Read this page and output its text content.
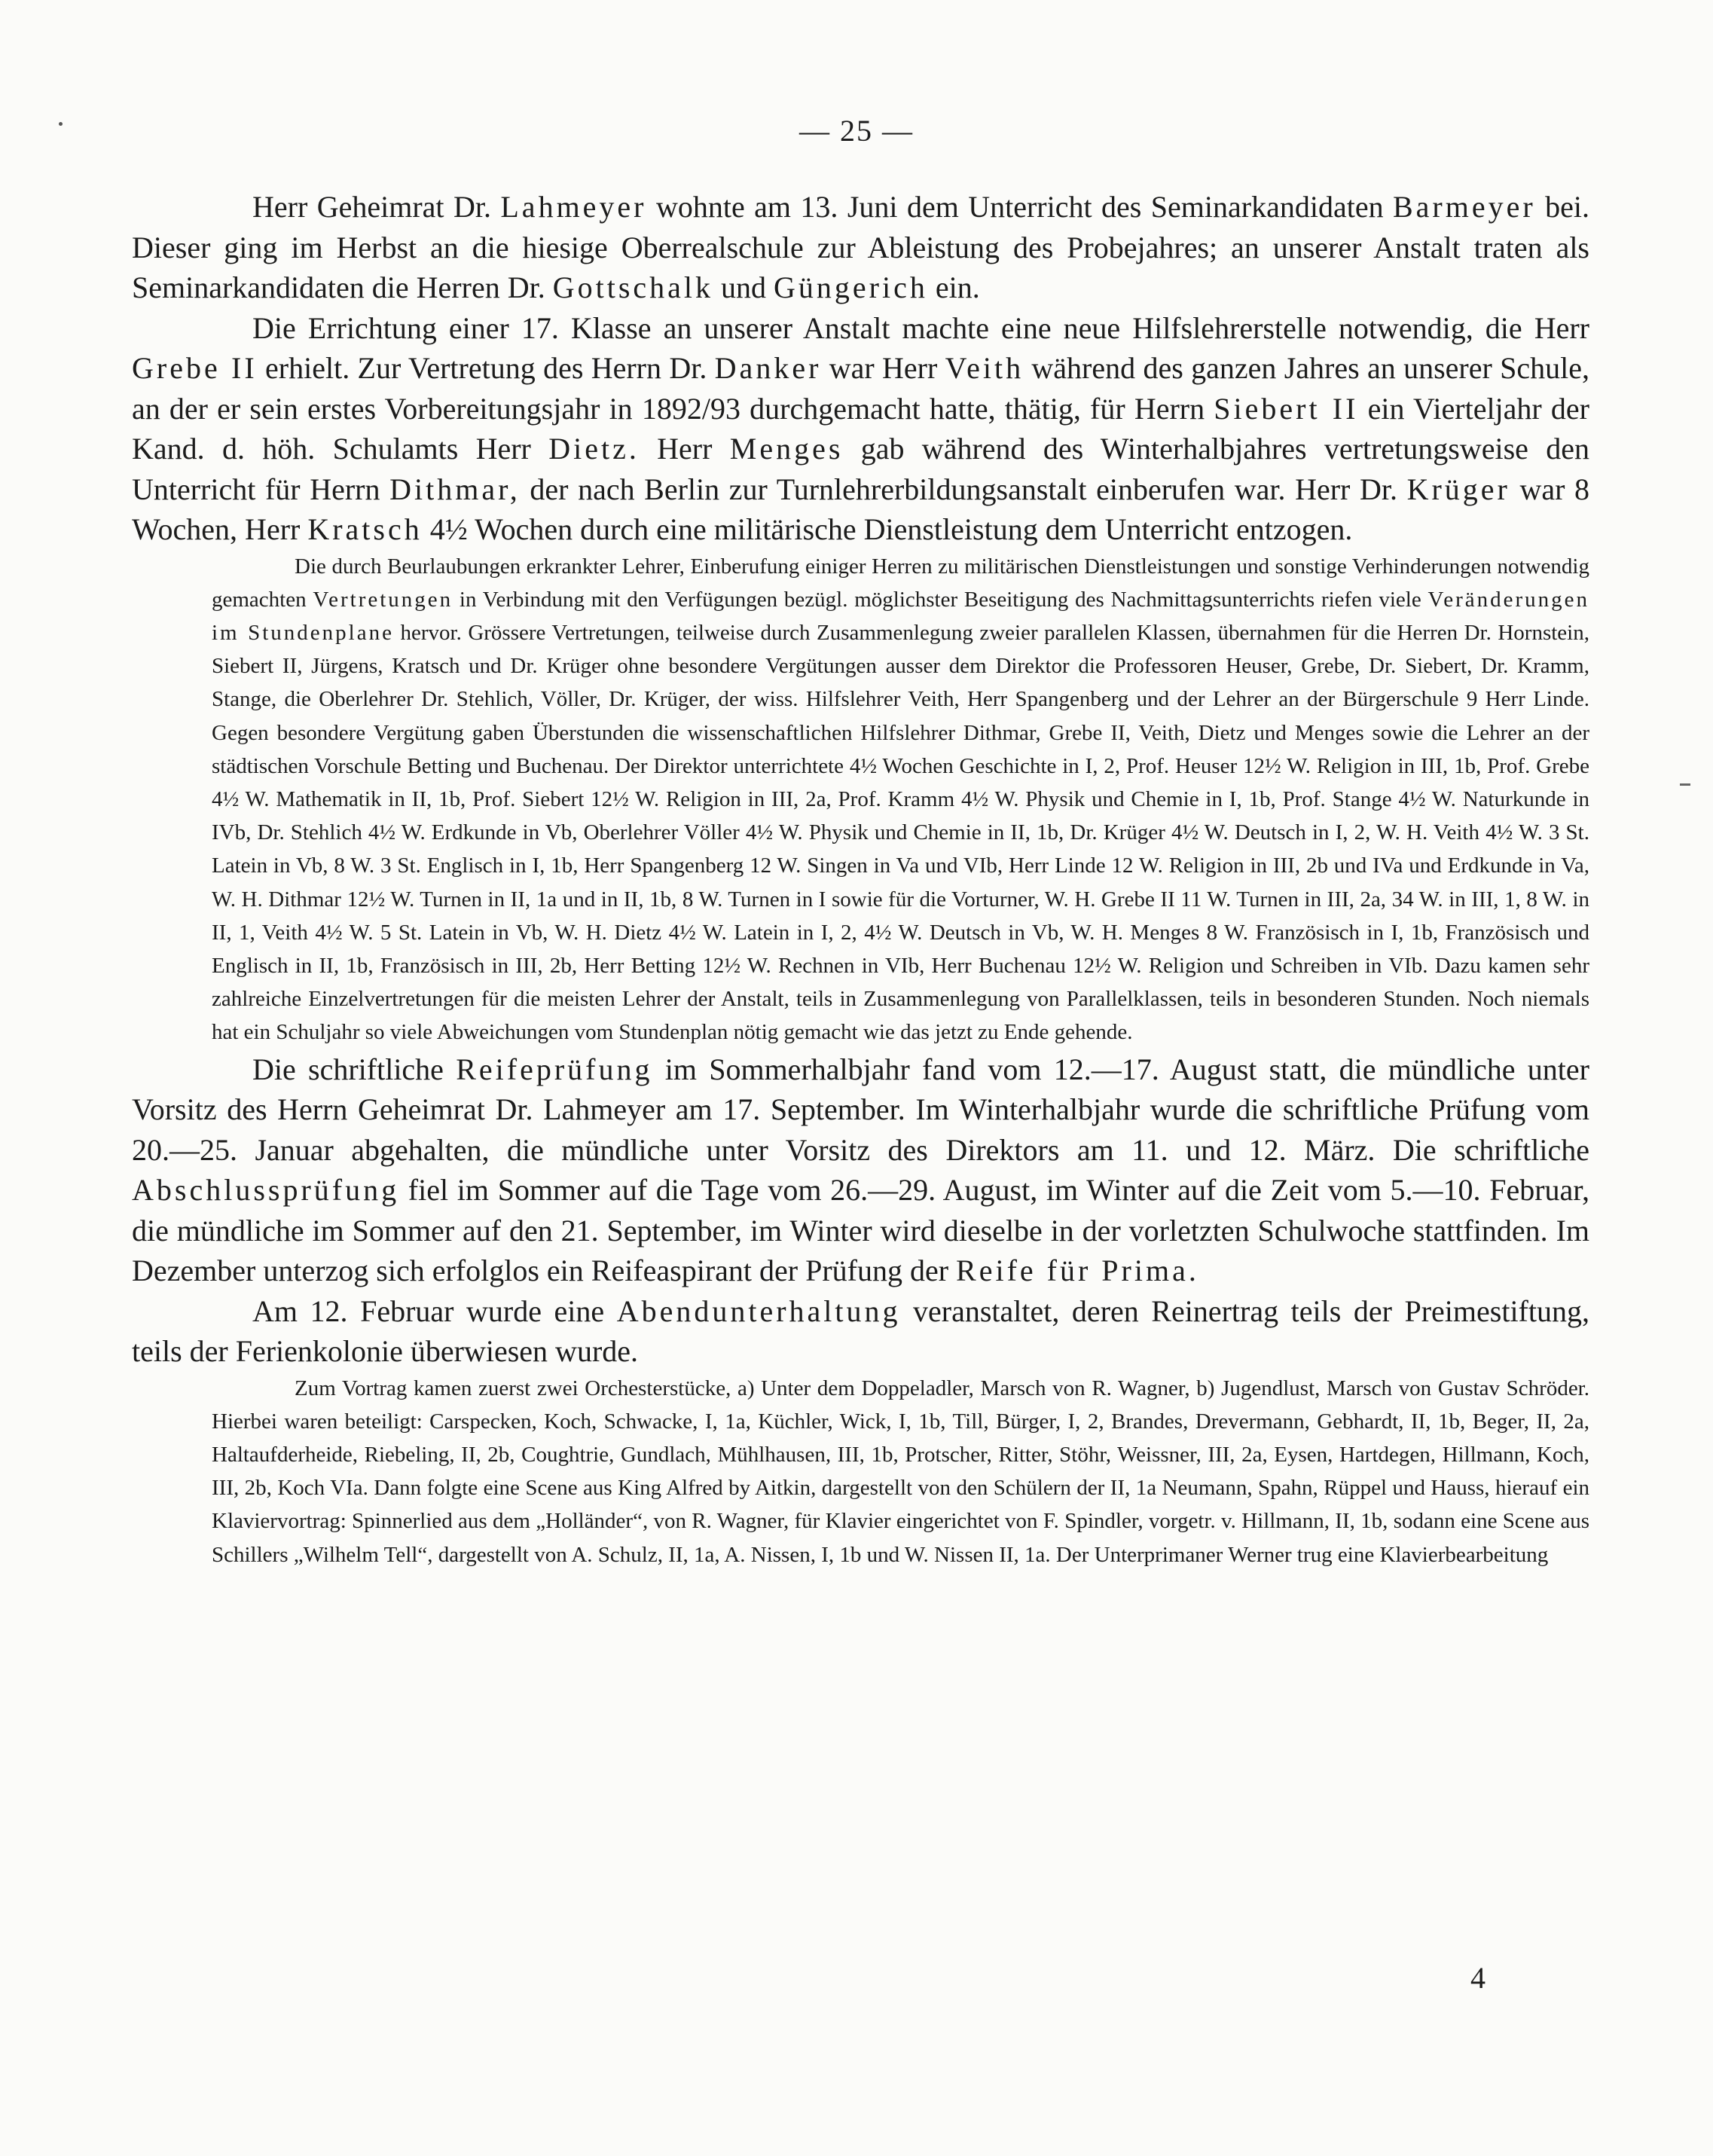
— 25 —

Herr Geheimrat Dr. Lahmeyer wohnte am 13. Juni dem Unterricht des Seminarkandidaten Barmeyer bei. Dieser ging im Herbst an die hiesige Oberrealschule zur Ableistung des Probejahres; an unserer Anstalt traten als Seminarkandidaten die Herren Dr. Gottschalk und Güngerich ein.

Die Errichtung einer 17. Klasse an unserer Anstalt machte eine neue Hilfslehrerstelle notwendig, die Herr Grebe II erhielt. Zur Vertretung des Herrn Dr. Danker war Herr Veith während des ganzen Jahres an unserer Schule, an der er sein erstes Vorbereitungsjahr in 1892/93 durchgemacht hatte, thätig, für Herrn Siebert II ein Vierteljahr der Kand. d. höh. Schulamts Herr Dietz. Herr Menges gab während des Winterhalbjahres vertretungsweise den Unterricht für Herrn Dithmar, der nach Berlin zur Turnlehrerbildungsanstalt einberufen war. Herr Dr. Krüger war 8 Wochen, Herr Kratsch 4½ Wochen durch eine militärische Dienstleistung dem Unterricht entzogen.

Die durch Beurlaubungen erkrankter Lehrer, Einberufung einiger Herren zu militärischen Dienstleistungen und sonstige Verhinderungen notwendig gemachten Vertretungen in Verbindung mit den Verfügungen bezügl. möglichster Beseitigung des Nachmittagsunterrichts riefen viele Veränderungen im Stundenplane hervor. Grössere Vertretungen, teilweise durch Zusammenlegung zweier parallelen Klassen, übernahmen für die Herren Dr. Hornstein, Siebert II, Jürgens, Kratsch und Dr. Krüger ohne besondere Vergütungen ausser dem Direktor die Professoren Heuser, Grebe, Dr. Siebert, Dr. Kramm, Stange, die Oberlehrer Dr. Stehlich, Völler, Dr. Krüger, der wiss. Hilfslehrer Veith, Herr Spangenberg und der Lehrer an der Bürgerschule 9 Herr Linde. Gegen besondere Vergütung gaben Überstunden die wissenschaftlichen Hilfslehrer Dithmar, Grebe II, Veith, Dietz und Menges sowie die Lehrer an der städtischen Vorschule Betting und Buchenau. Der Direktor unterrichtete 4½ Wochen Geschichte in I, 2, Prof. Heuser 12½ W. Religion in III, 1b, Prof. Grebe 4½ W. Mathematik in II, 1b, Prof. Siebert 12½ W. Religion in III, 2a, Prof. Kramm 4½ W. Physik und Chemie in I, 1b, Prof. Stange 4½ W. Naturkunde in IVb, Dr. Stehlich 4½ W. Erdkunde in Vb, Oberlehrer Völler 4½ W. Physik und Chemie in II, 1b, Dr. Krüger 4½ W. Deutsch in I, 2, W. H. Veith 4½ W. 3 St. Latein in Vb, 8 W. 3 St. Englisch in I, 1b, Herr Spangenberg 12 W. Singen in Va und VIb, Herr Linde 12 W. Religion in III, 2b und IVa und Erdkunde in Va, W. H. Dithmar 12½ W. Turnen in II, 1a und in II, 1b, 8 W. Turnen in I sowie für die Vorturner, W. H. Grebe II 11 W. Turnen in III, 2a, 34 W. in III, 1, 8 W. in II, 1, Veith 4½ W. 5 St. Latein in Vb, W. H. Dietz 4½ W. Latein in I, 2, 4½ W. Deutsch in Vb, W. H. Menges 8 W. Französisch in I, 1b, Französisch und Englisch in II, 1b, Französisch in III, 2b, Herr Betting 12½ W. Rechnen in VIb, Herr Buchenau 12½ W. Religion und Schreiben in VIb. Dazu kamen sehr zahlreiche Einzelvertretungen für die meisten Lehrer der Anstalt, teils in Zusammenlegung von Parallelklassen, teils in besonderen Stunden. Noch niemals hat ein Schuljahr so viele Abweichungen vom Stundenplan nötig gemacht wie das jetzt zu Ende gehende.

Die schriftliche Reifeprüfung im Sommerhalbjahr fand vom 12.—17. August statt, die mündliche unter Vorsitz des Herrn Geheimrat Dr. Lahmeyer am 17. September. Im Winterhalbjahr wurde die schriftliche Prüfung vom 20.—25. Januar abgehalten, die mündliche unter Vorsitz des Direktors am 11. und 12. März. Die schriftliche Abschlussprüfung fiel im Sommer auf die Tage vom 26.—29. August, im Winter auf die Zeit vom 5.—10. Februar, die mündliche im Sommer auf den 21. September, im Winter wird dieselbe in der vorletzten Schulwoche stattfinden. Im Dezember unterzog sich erfolglos ein Reifeaspirant der Prüfung der Reife für Prima.

Am 12. Februar wurde eine Abendunterhaltung veranstaltet, deren Reinertrag teils der Preimestiftung, teils der Ferienkolonie überwiesen wurde.

Zum Vortrag kamen zuerst zwei Orchesterstücke, a) Unter dem Doppeladler, Marsch von R. Wagner, b) Jugendlust, Marsch von Gustav Schröder. Hierbei waren beteiligt: Carspecken, Koch, Schwacke, I, 1a, Küchler, Wick, I, 1b, Till, Bürger, I, 2, Brandes, Drevermann, Gebhardt, II, 1b, Beger, II, 2a, Haltaufderheide, Riebeling, II, 2b, Coughtrie, Gundlach, Mühlhausen, III, 1b, Protscher, Ritter, Stöhr, Weissner, III, 2a, Eysen, Hartdegen, Hillmann, Koch, III, 2b, Koch VIa. Dann folgte eine Scene aus King Alfred by Aitkin, dargestellt von den Schülern der II, 1a Neumann, Spahn, Rüppel und Hauss, hierauf ein Klaviervortrag: Spinnerlied aus dem „Holländer“, von R. Wagner, für Klavier eingerichtet von F. Spindler, vorgetr. v. Hillmann, II, 1b, sodann eine Scene aus Schillers „Wilhelm Tell“, dargestellt von A. Schulz, II, 1a, A. Nissen, I, 1b und W. Nissen II, 1a. Der Unterprimaner Werner trug eine Klavierbearbeitung

4
